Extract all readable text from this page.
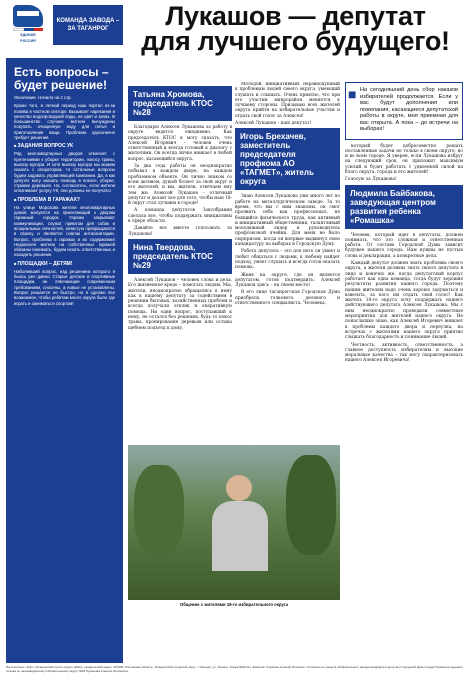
ЕДИНАЯ
РОССИЯ
КОМАНДА ЗАВОДА –
ЗА ТАГАНРОГ	Лукашов — депутат
для лучшего будущего!
Есть вопросы – будет решение!

Окончание. Начало на 2 стр.

Кроме того, в летний период наш портал из-за полива в частном секторе. Вызывает нарекания и качество водопроводной воды, ее цвет и запах. В большинстве случаев жители вынуждены покупать очищенную воду для питья и приготовления пищи. Проблема однозначно требует решения.

■ ЗАДАНИЯ ВОПРОС УК

Ряд многоквартирных дворов отмечает с претензиями к уборке территории, покосу травы, вывозу мусора. И хотя вывозу мусора мы можем сказать с оператором, то остальные вопросы будем задавать управляющей компании. Да, в как депутат могу оказать помощь в покосе, уборке, стрижке деревьев. Но, согласитесь, если жители оплачивают услугу УК, они должны ее получать!

■ ПРОБЛЕМА В ГАРАЖАХ?

На улице Морозова жители многоквартирных домов жалуются на прилегающий к дворам гаражный городок. Гаражи закрывают коммуникации, служат приютом для собак и асоциальных личностей, зачастую превращаются в свалку и являются очагом антисанитарии. Вопрос, проблема в гаражах и их содержании! Недоволен жители на собственных гаражей обязаны понимать, будем искать ответственных и находить решение.

■ ПЛОЩАДКИ – ДЕТЯМ!

Наболевший вопрос, над решением которого я бьюсь уже давно. Старые детские и спортивные площадки, не отвечающие современным требованиям, сносены, а новые не установлены. Вопрос решается не быстро, но я сделаю все возможное, чтобы ребятам много округа было где играть и заниматься спортом!

Татьяна Хромова, председатель КТОС №28

Благодарю Алексея Лукашова за работу в округе ведется ежедневно. Как председатель КТОС я могу сказать, что Алексей Игоревич – человек очень ответственный и всегда готовый к диалогу с жителями. Он всегда лично вникает в любой вопрос, касающийся округа.

За два года работы он неоднократно побывал в каждом дворе, на каждом проблемном объекте. Он лично знаком со всем активом, душой болеет за свой округ и его жителей, и мы, жители, отвечаем ему тем же. Алексей Лукашов – отличный депутат и делает все для того, чтобы наш 18-й округ стал лучшим в городе!

А команда депутатов Заксобрания сделала все, чтобы поддержать инициативы в сфере области.

Давайте все вместе голосовать за Лукашова!

Нина Твердова, председатель КТОС №29

Алексей Лукашов – человек слова и дела. Его жизненное кредо – помогать людям. Мы, жители, неоднократно обращались к нему как к нашему депутату за содействием в решении бытовых, хозяйственных проблем и всегда получали отклик и оперативную помощь. Ни один вопрос, поступавший к нему, не остался без решения, будь то покос травы, кронирование деревьев или остыка щебнем подъезд к дому.

Молодой, инициативный, неравнодушный к проблемам людей своего округа, умеющий слушать и слышать. Очень приятно, что при его участии микрорайон меняется к лучшему стороны. Призываю всех жителей округа прийти на избирательные участки и отдать свой голос за Алексея!

Алексей Лукашов – наш депутат!

Игорь Брехачев, заместитель председателя профкома АО «ТАГМЕТ», житель округа

Знаю Алексея Лукашова уже много лет по работе на металлургическом заводе. За то время, что мы с ним знакомы, он смог проявить себя как профессионал, не боящийся физического труда, как активный и инициативный общественник, талантливый молодежный лидер и руководитель профсоюзной ячейки. Для меня не было сюрпризом, когда он впервые выдвинул свою кандидатуру на выборах в Городскую Думу.

Работа депутата – это для него он умеет и любит общаться с людьми, к любому найдет подход, умеет слушать и всегда готов оказать помощь.

Живя на округе, где он является депутатом, готов подтвердить: Алексей Лукашов здесь – на своем месте!

В его лице таганрогская Городская Дума приобрела толкового, делового и ответственного специалиста. Человека,

■ На сегодняшний день сбор наказов избирателей продолжается. Если у вас будут дополнения или пожелания, касающиеся депутатской работы в округе, моя приемная для вас открыта. А пока – до встречи на выборах!

который будет добросовестно решать поставленные задачи не только в своем округе, но и во всем городе. Я уверен, если Лукашова избрут на следующий срок, он приложит максимум усилий и будет работать с удвоенной силой на благо округа, города и его жителей!

Голосую за Лукашова!

Людмила Байбакова, заведующая центром развития ребенка «Ромашка»

Человек, который идет в депутаты, должен понимать, что это сложная и ответственная работа. От состава Городской Думы зависит будущее нашего города. Нам нужны не пустые слова и декларации, а конкретные дела.

Каждый депутат должен знать проблемы своего округа, а жители должны знать своего депутата в лицо и конечно же, когда депутатский корпус работает как одна команда, тогда будут хорошие результаты развития нашего города. Поэтому нашим жителям надо очень хорошо задуматься и взвесить, за кого им отдать свой голос! Как житель 18-го округа хочу поддержать нашего действующего депутата Алексея Лукашова. Мы с ним неоднократно проводили совместные мероприятия для жителей нашего округа. Не понаслышке знаю, как Алексей Игоревич вникает в проблемы каждого двора и переулка, на встречах с жителями нашего округа приятно слышать благодарность и понимание людей.

Честность, активность, ответственность, а главное доступность избирателям и высокие моральные качества – так могу охарактеризовать нашего Алексея Игоревича!

Общение с жителями 18-го избирательного округа
Изготовитель: АНО «Таганрогский центр «Курс» (ИНН), юридический адрес: 347900, Ростовская область, Таганрогский городской округ, г. Таганрог, ул. Ленина. Тираж 5000 экз. Заказчик: Лукашов Алексей Игоревич. Оплачено из средств избирательного фонда кандидата в депутаты Городской Думы города Таганрога седьмого созыва по одномандатному избирательному округу №18 Лукашова Алексея Игоревича.
